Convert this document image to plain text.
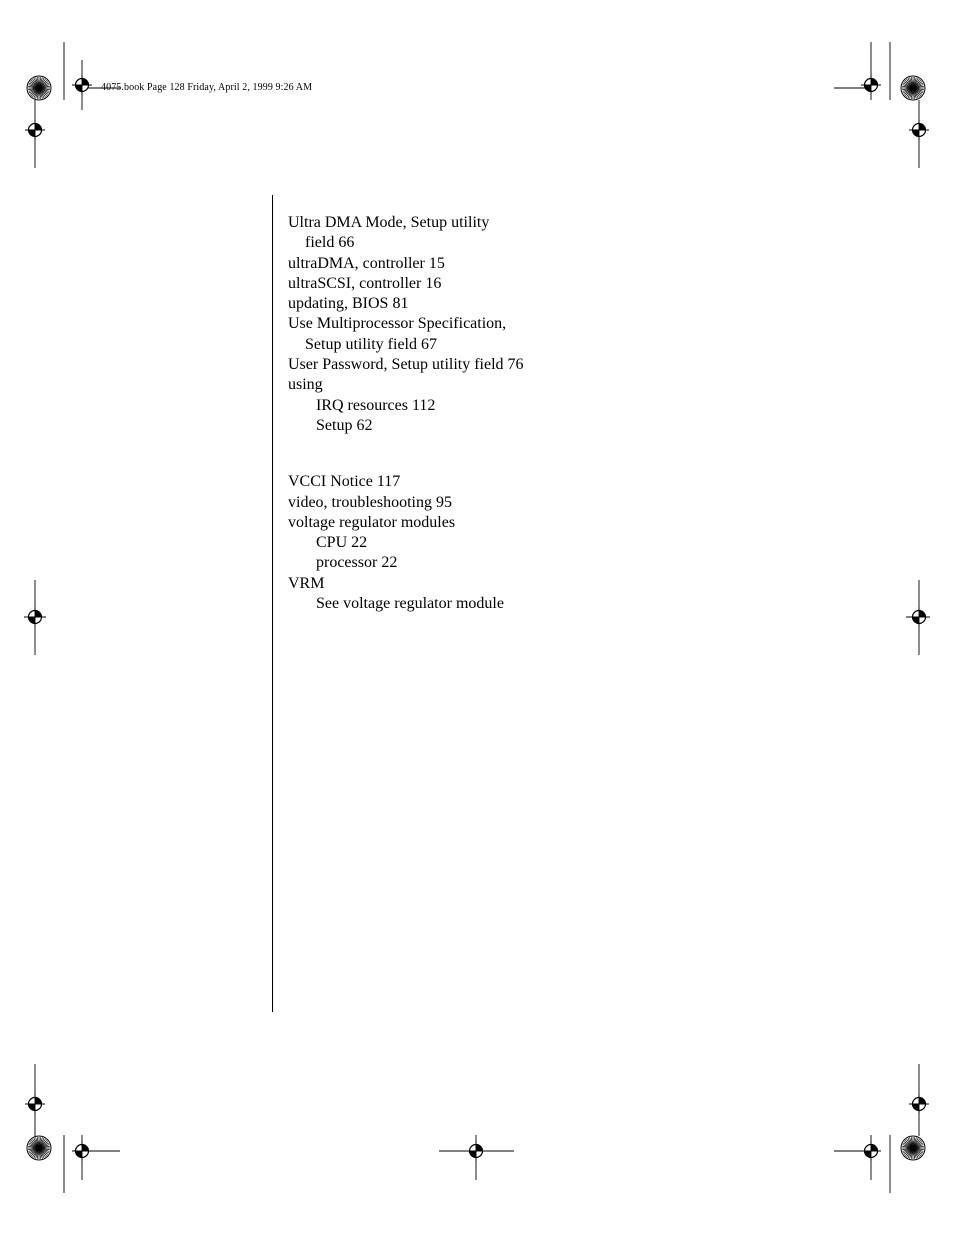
4075.book Page 128 Friday, April 2, 1999 9:26 AM
Ultra DMA Mode, Setup utility
field 66
ultraDMA, controller 15
ultraSCSI, controller 16
updating, BIOS 81
Use Multiprocessor Specification,
Setup utility field 67
User Password, Setup utility field 76
using
IRQ resources 112
Setup 62
VCCI Notice 117
video, troubleshooting 95
voltage regulator modules
CPU 22
processor 22
VRM
See voltage regulator module
